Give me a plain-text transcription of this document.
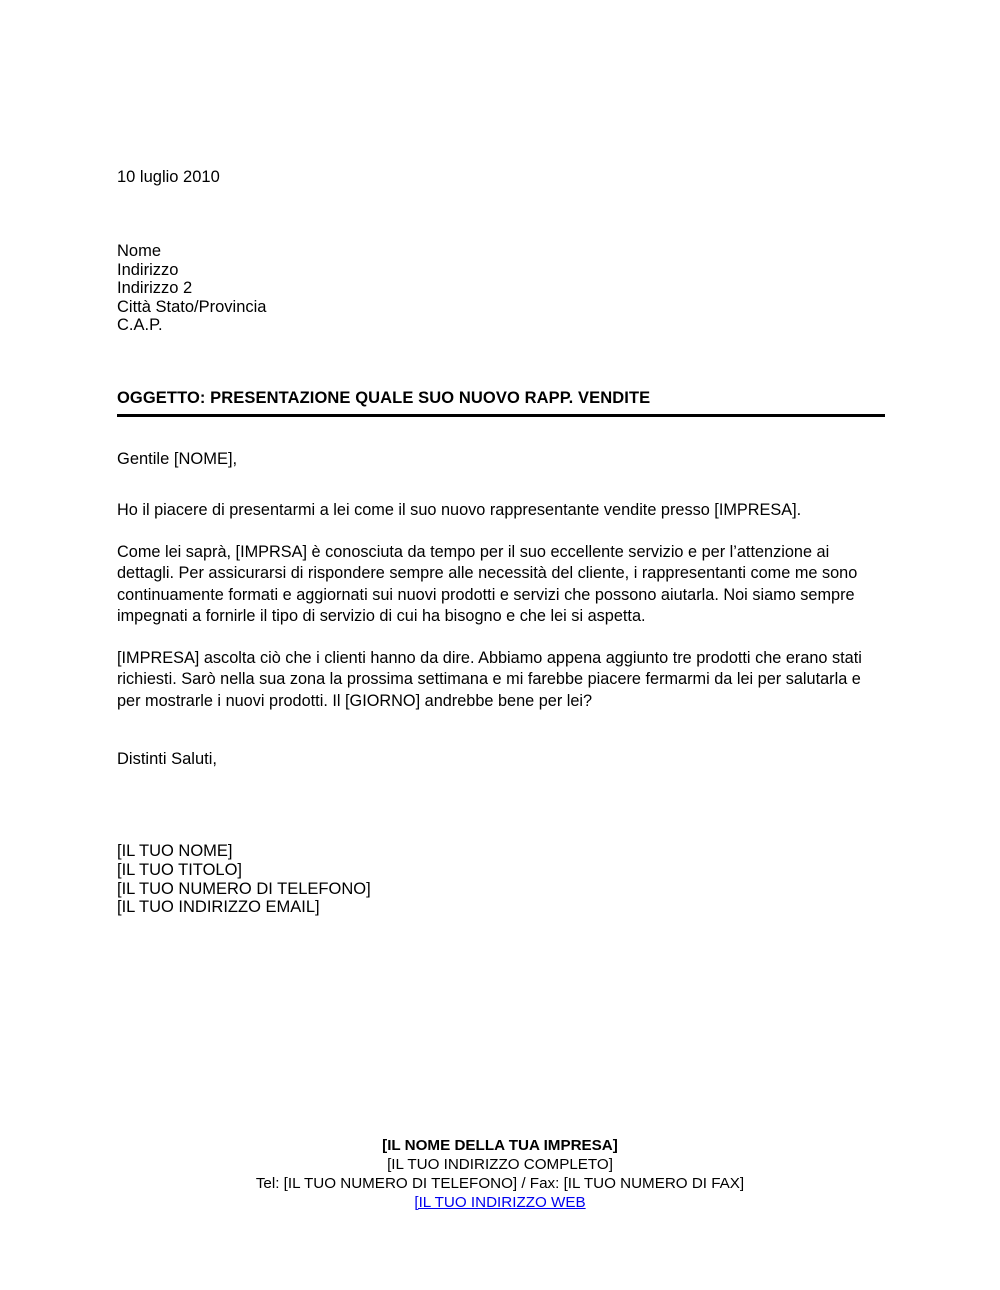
10 luglio 2010
Nome
Indirizzo
Indirizzo 2
Città Stato/Provincia
C.A.P.
OGGETTO: PRESENTAZIONE QUALE SUO NUOVO RAPP. VENDITE
Gentile [NOME],

Ho il piacere di presentarmi a lei come il suo nuovo rappresentante vendite presso [IMPRESA].

Come lei saprà, [IMPRSA] è conosciuta da tempo per il suo eccellente servizio e per l’attenzione ai dettagli. Per assicurarsi di rispondere sempre alle necessità del cliente, i rappresentanti come me sono continuamente formati e aggiornati sui nuovi prodotti e servizi che possono aiutarla. Noi siamo sempre impegnati a fornirle il tipo di servizio di cui ha bisogno e che lei si aspetta.

[IMPRESA] ascolta ciò che i clienti hanno da dire. Abbiamo appena aggiunto tre prodotti che erano stati richiesti. Sarò nella sua zona la prossima settimana e mi farebbe piacere fermarmi da lei per salutarla e per mostrarle i nuovi prodotti. Il [GIORNO] andrebbe bene per lei?

Distinti Saluti,
[IL TUO NOME]
[IL TUO TITOLO]
[IL TUO NUMERO DI TELEFONO]
[IL TUO INDIRIZZO EMAIL]
[IL NOME DELLA TUA IMPRESA]
[IL TUO INDIRIZZO COMPLETO]
Tel: [IL TUO NUMERO DI TELEFONO] / Fax: [IL TUO NUMERO DI FAX]
[IL TUO INDIRIZZO WEB
